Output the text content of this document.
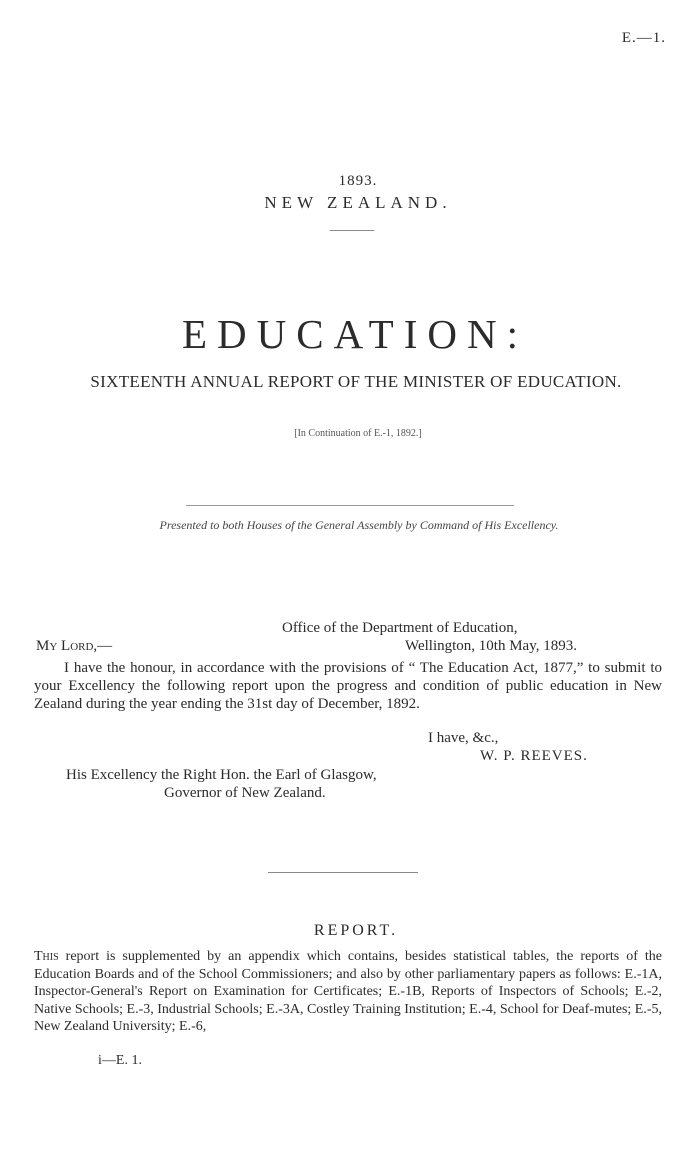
E.—1.
1893.
NEW ZEALAND.
EDUCATION:
SIXTEENTH ANNUAL REPORT OF THE MINISTER OF EDUCATION.
[In Continuation of E.-1, 1892.]
Presented to both Houses of the General Assembly by Command of His Excellency.
Office of the Department of Education,
My Lord,—	Wellington, 10th May, 1893.
I have the honour, in accordance with the provisions of “ The Education Act, 1877,” to submit to your Excellency the following report upon the progress and condition of public education in New Zealand during the year ending the 31st day of December, 1892.
I have, &c.,
W. P. REEVES.
His Excellency the Right Hon. the Earl of Glasgow,
Governor of New Zealand.
REPORT.
This report is supplemented by an appendix which contains, besides statistical tables, the reports of the Education Boards and of the School Commissioners; and also by other parliamentary papers as follows: E.-1A, Inspector-General's Report on Examination for Certificates; E.-1B, Reports of Inspectors of Schools; E.-2, Native Schools; E.-3, Industrial Schools; E.-3A, Costley Training Institution; E.-4, School for Deaf-mutes; E.-5, New Zealand University; E.-6,
i—E. 1.
